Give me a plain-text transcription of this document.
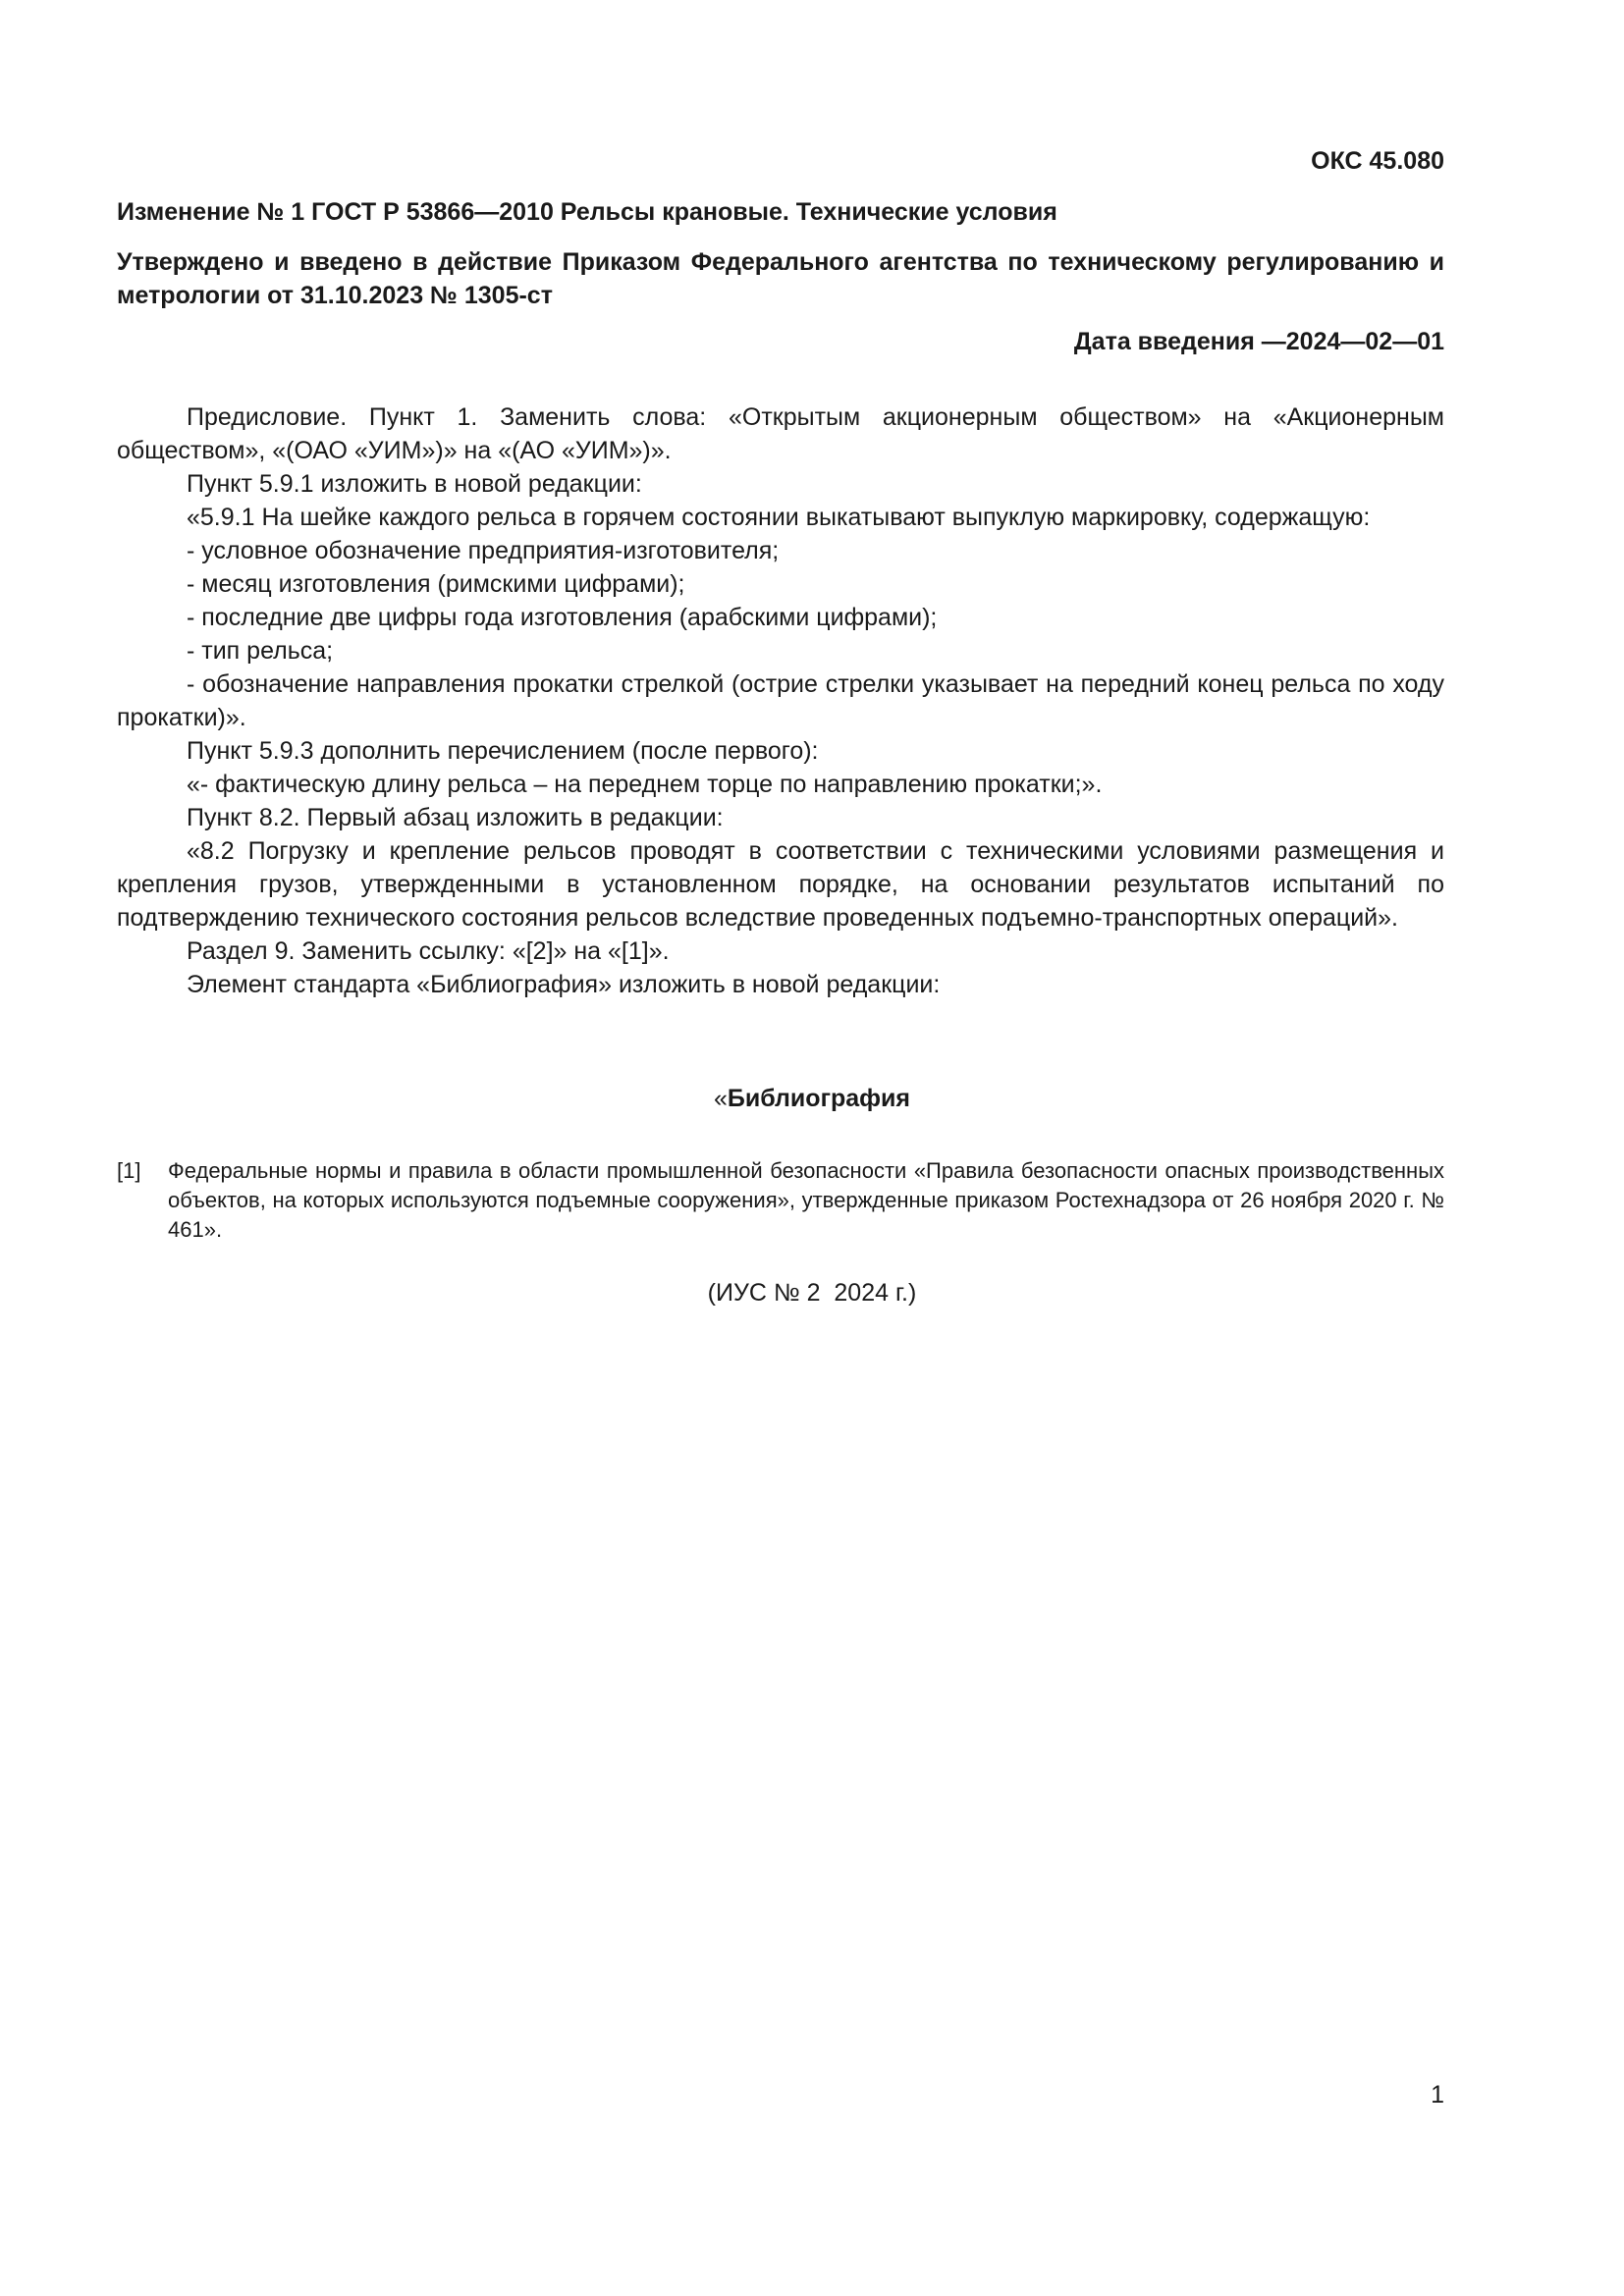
ОКС 45.080

Изменение № 1 ГОСТ Р 53866—2010 Рельсы крановые. Технические условия

Утверждено и введено в действие Приказом Федерального агентства по техническому регулированию и метрологии от 31.10.2023 № 1305-ст

Дата введения —2024—02—01

Предисловие. Пункт 1. Заменить слова: «Открытым акционерным обществом» на «Акционерным обществом», «(ОАО «УИМ»)» на «(АО «УИМ»)».

Пункт 5.9.1 изложить в новой редакции:

«5.9.1 На шейке каждого рельса в горячем состоянии выкатывают выпуклую маркировку, содержащую:

- условное обозначение предприятия-изготовителя;

- месяц изготовления (римскими цифрами);

- последние две цифры года изготовления (арабскими цифрами);

- тип рельса;

- обозначение направления прокатки стрелкой (острие стрелки указывает на передний конец рельса по ходу прокатки)».

Пункт 5.9.3 дополнить перечислением (после первого):

«- фактическую длину рельса – на переднем торце по направлению прокатки;».

Пункт 8.2. Первый абзац изложить в редакции:

«8.2 Погрузку и крепление рельсов проводят в соответствии с техническими условиями размещения и крепления грузов, утвержденными в установленном порядке, на основании результатов испытаний по подтверждению технического состояния рельсов вследствие проведенных подъемно-транспортных операций».

Раздел 9. Заменить ссылку: «[2]» на «[1]».

Элемент стандарта «Библиография» изложить в новой редакции:

«Библиография

[1] Федеральные нормы и правила в области промышленной безопасности «Правила безопасности опасных производственных объектов, на которых используются подъемные сооружения», утвержденные приказом Ростехнадзора от 26 ноября 2020 г. № 461».

(ИУС № 2  2024 г.)

1
